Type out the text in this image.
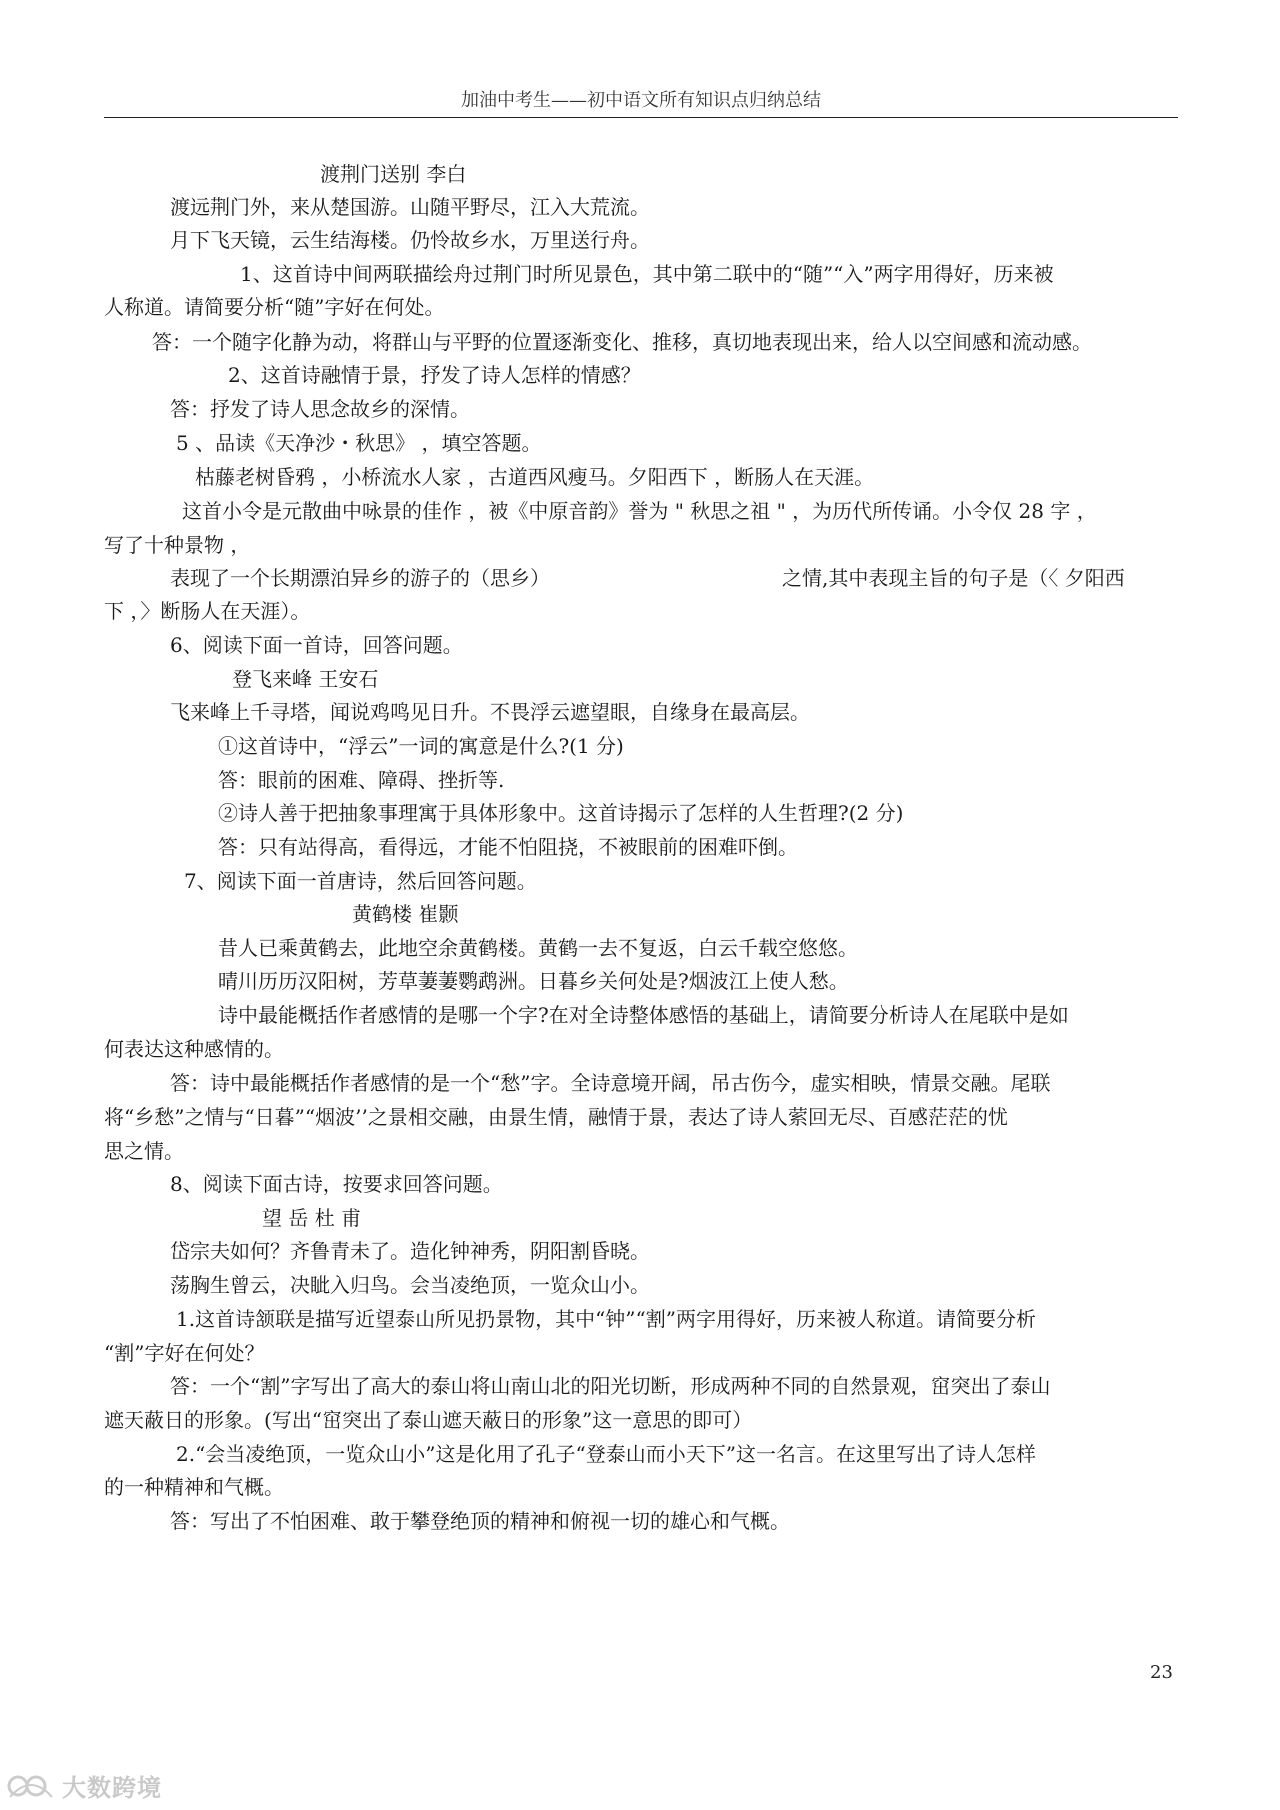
加油中考生——初中语文所有知识点归纳总结
渡荆门送别 李白
渡远荆门外，来从楚国游。山随平野尽，江入大荒流。
月下飞天镜，云生结海楼。仍怜故乡水，万里送行舟。
1、这首诗中间两联描绘舟过荆门时所见景色，其中第二联中的“随”“入”两字用得好，历来被
人称道。请简要分析“随”字好在何处。
答：一个随字化静为动，将群山与平野的位置逐渐变化、推移，真切地表现出来，给人以空间感和流动感。
2、这首诗融情于景，抒发了诗人怎样的情感？
答：抒发了诗人思念故乡的深情。
5 、品读《天净沙・秋思》 ，填空答题。
枯藤老树昏鸦 ，小桥流水人家 ，古道西风瘦马。夕阳西下 ，断肠人在天涯。
这首小令是元散曲中咏景的佳作 ，被《中原音韵》誉为 " 秋思之祖 " ，为历代所传诵。小令仅 28 字 ，
写了十种景物 ，
表现了一个长期漂泊异乡的游子的（思乡）	之情,其中表现主旨的句子是（〈 夕阳西
下 ，〉断肠人在天涯）。
6、阅读下面一首诗，回答问题。
登飞来峰 王安石
飞来峰上千寻塔，闻说鸡鸣见日升。不畏浮云遮望眼，自缘身在最高层。
①这首诗中，“浮云”一词的寓意是什么?(1 分)
答：眼前的困难、障碍、挫折等.
②诗人善于把抽象事理寓于具体形象中。这首诗揭示了怎样的人生哲理?(2 分)
答：只有站得高，看得远，才能不怕阻挠，不被眼前的困难吓倒。
7、阅读下面一首唐诗，然后回答问题。
黄鹤楼 崔颢
昔人已乘黄鹤去，此地空余黄鹤楼。黄鹤一去不复返，白云千载空悠悠。
晴川历历汉阳树，芳草萋萋鹦鹉洲。日暮乡关何处是?烟波江上使人愁。
诗中最能概括作者感情的是哪一个字?在对全诗整体感悟的基础上，请简要分析诗人在尾联中是如
何表达这种感情的。
答：诗中最能概括作者感情的是一个“愁”字。全诗意境开阔，吊古伤今，虚实相映，情景交融。尾联
将“乡愁”之情与“日暮”“烟波’’之景相交融，由景生情，融情于景，表达了诗人萦回无尽、百感茫茫的忧
思之情。
8、阅读下面古诗，按要求回答问题。
望 岳 杜 甫
岱宗夫如何？齐鲁青未了。造化钟神秀，阴阳割昏晓。
荡胸生曾云，决眦入归鸟。会当凌绝顶，一览众山小。
1.这首诗颔联是描写近望泰山所见扔景物，其中“钟”“割”两字用得好，历来被人称道。请简要分析
“割”字好在何处？
答：一个“割”字写出了高大的泰山将山南山北的阳光切断，形成两种不同的自然景观，窋突出了泰山
遮天蔽日的形象。(写出“窋突出了泰山遮天蔽日的形象”这一意思的即可）
2.“会当凌绝顶，一览众山小”这是化用了孔子“登泰山而小天下”这一名言。在这里写出了诗人怎样
的一种精神和气概。
答：写出了不怕困难、敢于攀登绝顶的精神和俯视一切的雄心和气概。
23
大数跨境
